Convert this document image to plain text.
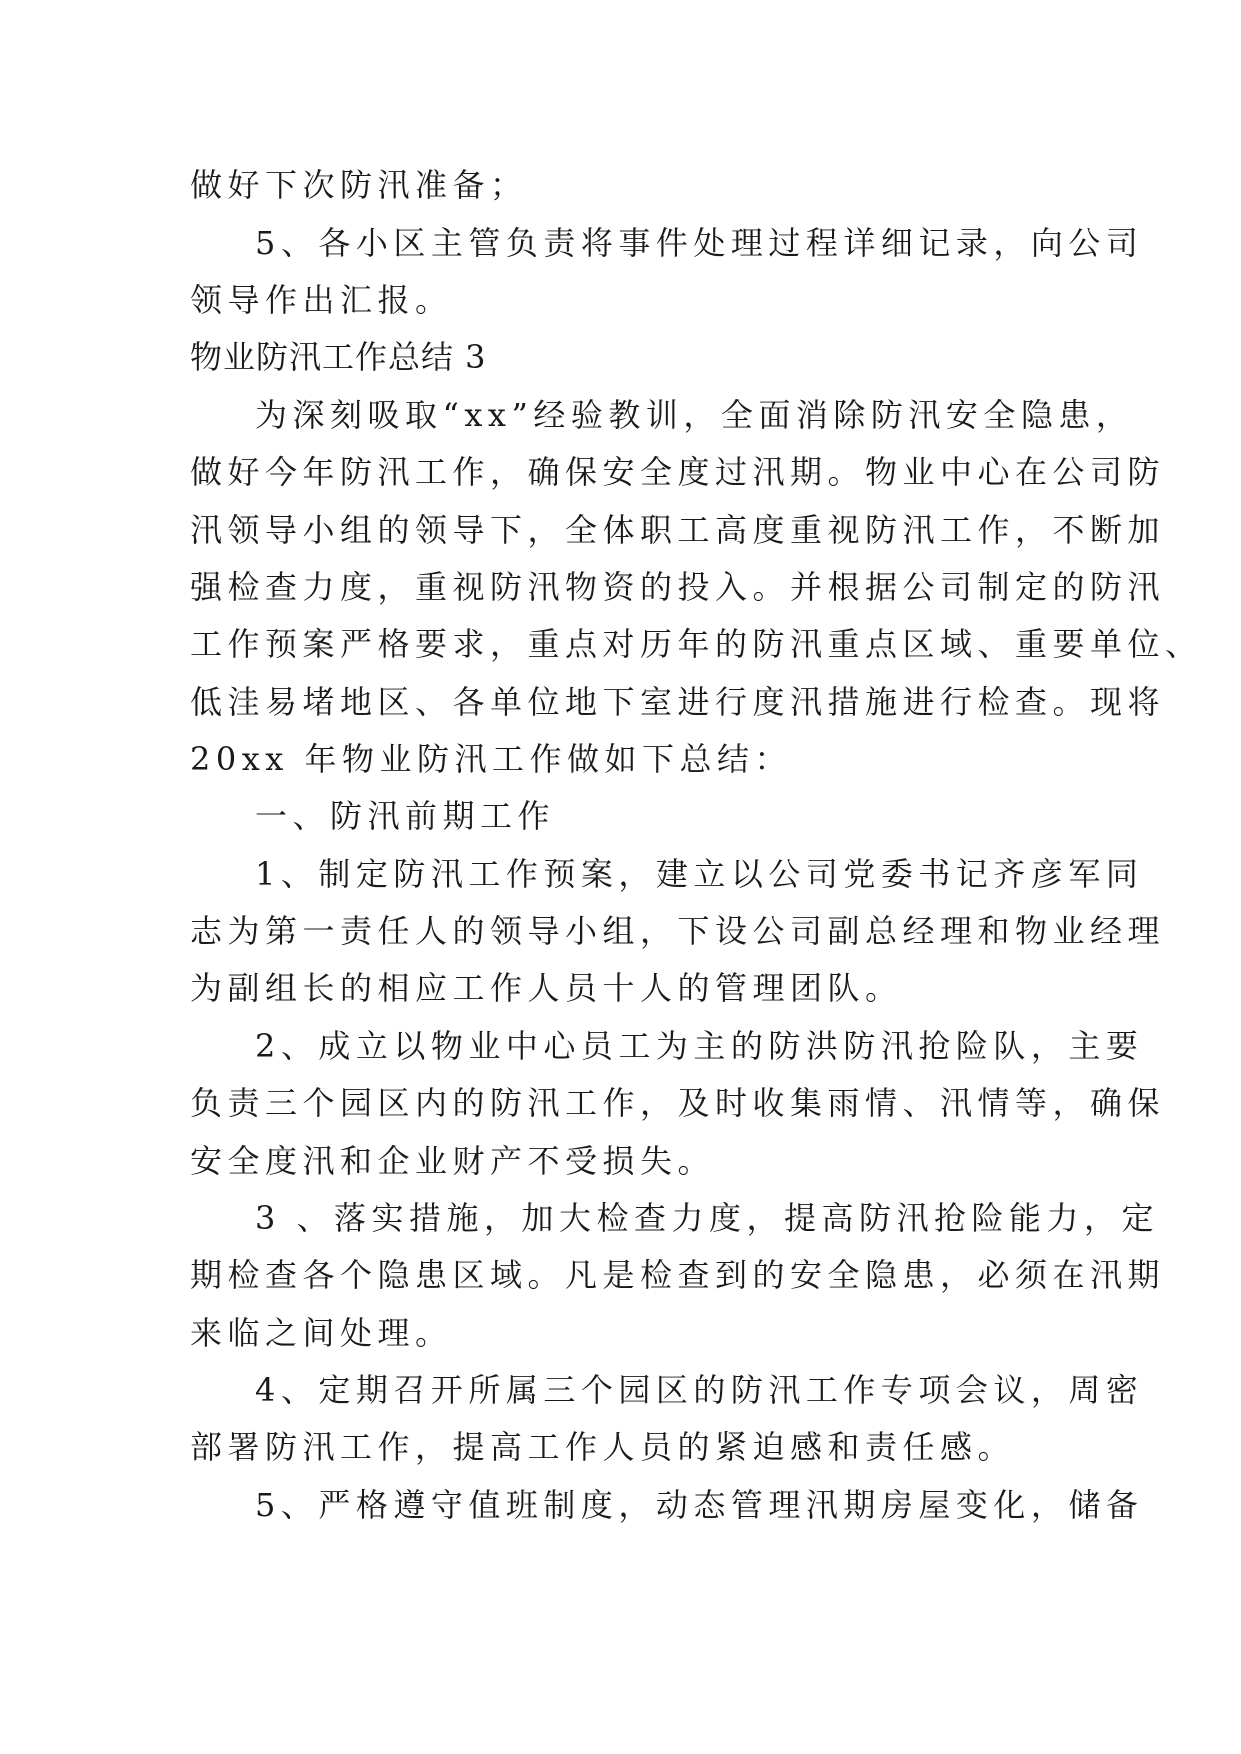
做好下次防汛准备；
5、各小区主管负责将事件处理过程详细记录，向公司
领导作出汇报。
物业防汛工作总结 3
为深刻吸取“xx”经验教训，全面消除防汛安全隐患，
做好今年防汛工作，确保安全度过汛期。物业中心在公司防
汛领导小组的领导下，全体职工高度重视防汛工作，不断加
强检查力度，重视防汛物资的投入。并根据公司制定的防汛
工作预案严格要求，重点对历年的防汛重点区域、重要单位、
低洼易堵地区、各单位地下室进行度汛措施进行检查。现将
20xx 年物业防汛工作做如下总结：
一、防汛前期工作
1、制定防汛工作预案，建立以公司党委书记齐彦军同
志为第一责任人的领导小组，下设公司副总经理和物业经理
为副组长的相应工作人员十人的管理团队。
2、成立以物业中心员工为主的防洪防汛抢险队，主要
负责三个园区内的防汛工作，及时收集雨情、汛情等，确保
安全度汛和企业财产不受损失。
3 、落实措施，加大检查力度，提高防汛抢险能力，定
期检查各个隐患区域。凡是检查到的安全隐患，必须在汛期
来临之间处理。
4、定期召开所属三个园区的防汛工作专项会议，周密
部署防汛工作，提高工作人员的紧迫感和责任感。
5、严格遵守值班制度，动态管理汛期房屋变化，储备
